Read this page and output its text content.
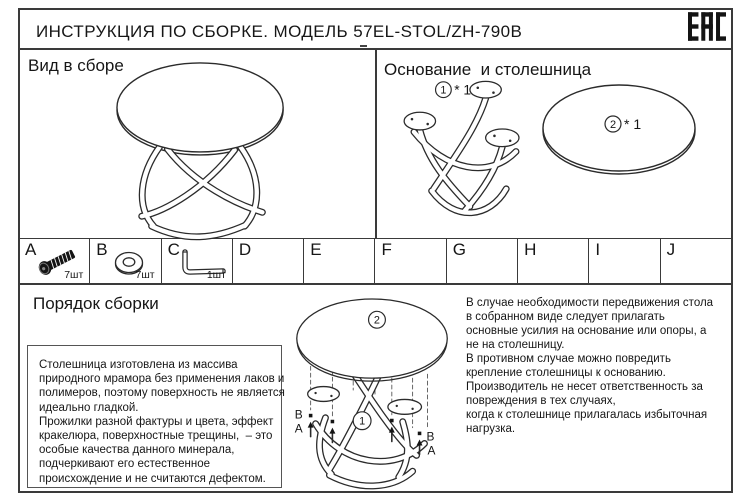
ИНСТРУКЦИЯ ПО СБОРКЕ. МОДЕЛЬ 57EL-STOL/ZH-790B
Вид в сборе	Основание  и столешница
1 * 1
2 * 1
A
7шт
B
7шт
C
1шт
D	E	F	G	H	I	J
Порядок сборки
Столешница изготовлена из массива
природного мрамора без применения лаков и
полимеров, поэтому поверхность не является
идеально гладкой.
Прожилки разной фактуры и цвета, эффект
кракелюра, поверхностные трещины,  – это
особые качества данного минерала,
подчеркивают его естественное
происхождение и не считаются дефектом.
2
1
B
A
B
A
В случае необходимости передвижения стола
в собранном виде следует прилагать
основные усилия на основание или опоры, а
не на столешницу.
В противном случае можно повредить
крепление столешницы к основанию.
Производитель не несет ответственность за
повреждения в тех случаях,
когда к столешнице прилагалась избыточная
нагрузка.
